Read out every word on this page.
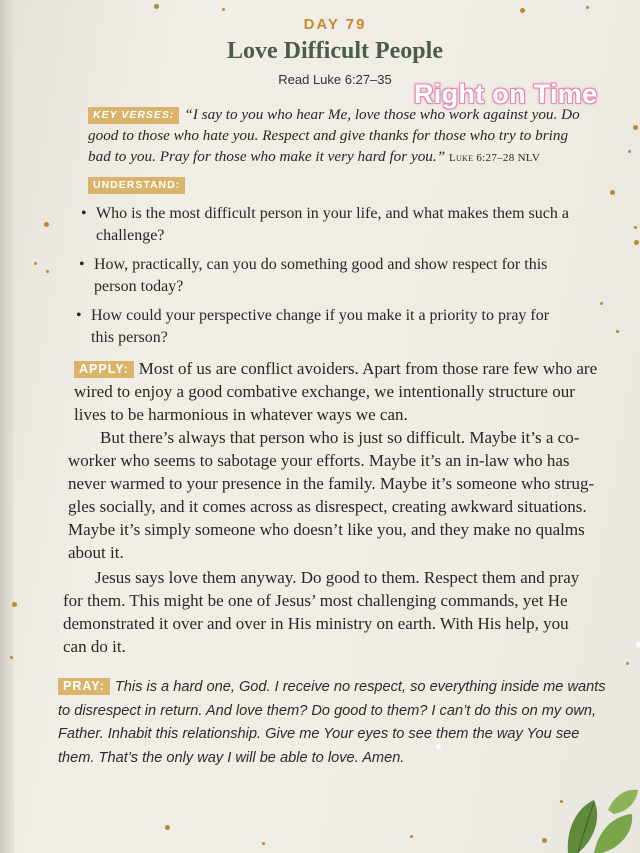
DAY 79
Love Difficult People
Read Luke 6:27–35 Right on Time
KEY VERSES: “I say to you who hear Me, love those who work against you. Do
good to those who hate you. Respect and give thanks for those who try to bring
bad to you. Pray for those who make it very hard for you.” Luke 6:27–28 NLV
UNDERSTAND:
• Who is the most difficult person in your life, and what makes them such a
challenge?
• How, practically, can you do something good and show respect for this
person today?
• How could your perspective change if you make it a priority to pray for
this person?
APPLY: Most of us are conflict avoiders. Apart from those rare few who are
wired to enjoy a good combative exchange, we intentionally structure our
lives to be harmonious in whatever ways we can.
But there’s always that person who is just so difficult. Maybe it’s a co-
worker who seems to sabotage your efforts. Maybe it’s an in-law who has
never warmed to your presence in the family. Maybe it’s someone who strug-
gles socially, and it comes across as disrespect, creating awkward situations.
Maybe it’s simply someone who doesn’t like you, and they make no qualms
about it.
Jesus says love them anyway. Do good to them. Respect them and pray
for them. This might be one of Jesus’ most challenging commands, yet He
demonstrated it over and over in His ministry on earth. With His help, you
can do it.
PRAY: This is a hard one, God. I receive no respect, so everything inside me wants
to disrespect in return. And love them? Do good to them? I can’t do this on my own,
Father. Inhabit this relationship. Give me Your eyes to see them the way You see
them. That’s the only way I will be able to love. Amen.
